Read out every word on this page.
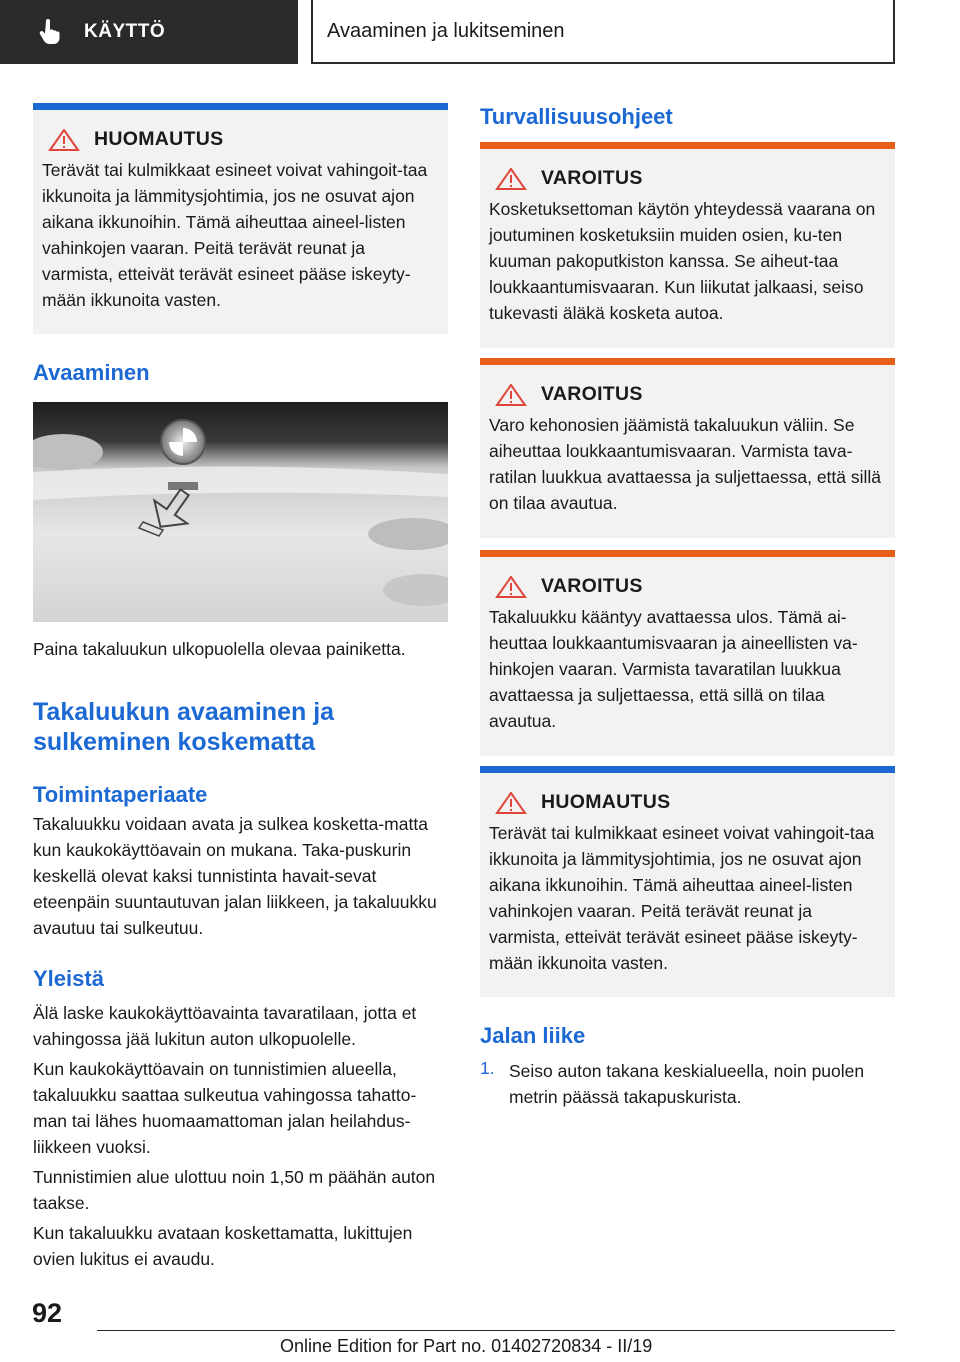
KÄYTTÖ	Avaaminen ja lukitseminen
HUOMAUTUS
Terävät tai kulmikkaat esineet voivat vahingoit-taa ikkunoita ja lämmitysjohtimia, jos ne osuvat ajon aikana ikkunoihin. Tämä aiheuttaa aineel-listen vahinkojen vaaran. Peitä terävät reunat ja varmista, etteivät terävät esineet pääse iskeyty-mään ikkunoita vasten.
Avaaminen
Paina takaluukun ulkopuolella olevaa painiketta.
Takaluukun avaaminen ja
sulkeminen koskematta
Toimintaperiaate
Takaluukku voidaan avata ja sulkea kosketta-matta kun kaukokäyttöavain on mukana. Taka-puskurin keskellä olevat kaksi tunnistinta havait-sevat eteenpäin suuntautuvan jalan liikkeen, ja takaluukku avautuu tai sulkeutuu.
Yleistä
Älä laske kaukokäyttöavainta tavaratilaan, jotta et vahingossa jää lukitun auton ulkopuolelle.
Kun kaukokäyttöavain on tunnistimien alueella, takaluukku saattaa sulkeutua vahingossa tahatto-man tai lähes huomaamattoman jalan heilahdus-liikkeen vuoksi.
Tunnistimien alue ulottuu noin 1,50 m päähän auton taakse.
Kun takaluukku avataan koskettamatta, lukittujen ovien lukitus ei avaudu.
Turvallisuusohjeet
VAROITUS
Kosketuksettoman käytön yhteydessä vaarana on joutuminen kosketuksiin muiden osien, ku-ten kuuman pakoputkiston kanssa. Se aiheut-taa loukkaantumisvaaran. Kun liikutat jalkaasi, seiso tukevasti äläkä kosketa autoa.
VAROITUS
Varo kehonosien jäämistä takaluukun väliin. Se aiheuttaa loukkaantumisvaaran. Varmista tava-ratilan luukkua avattaessa ja suljettaessa, että sillä on tilaa avautua.
VAROITUS
Takaluukku kääntyy avattaessa ulos. Tämä ai-heuttaa loukkaantumisvaaran ja aineellisten va-hinkojen vaaran. Varmista tavaratilan luukkua avattaessa ja suljettaessa, että sillä on tilaa avautua.
HUOMAUTUS
Terävät tai kulmikkaat esineet voivat vahingoit-taa ikkunoita ja lämmitysjohtimia, jos ne osuvat ajon aikana ikkunoihin. Tämä aiheuttaa aineel-listen vahinkojen vaaran. Peitä terävät reunat ja varmista, etteivät terävät esineet pääse iskeyty-mään ikkunoita vasten.
Jalan liike
1. Seiso auton takana keskialueella, noin puolen metrin päässä takapuskurista.
92
Online Edition for Part no. 01402720834 - II/19
